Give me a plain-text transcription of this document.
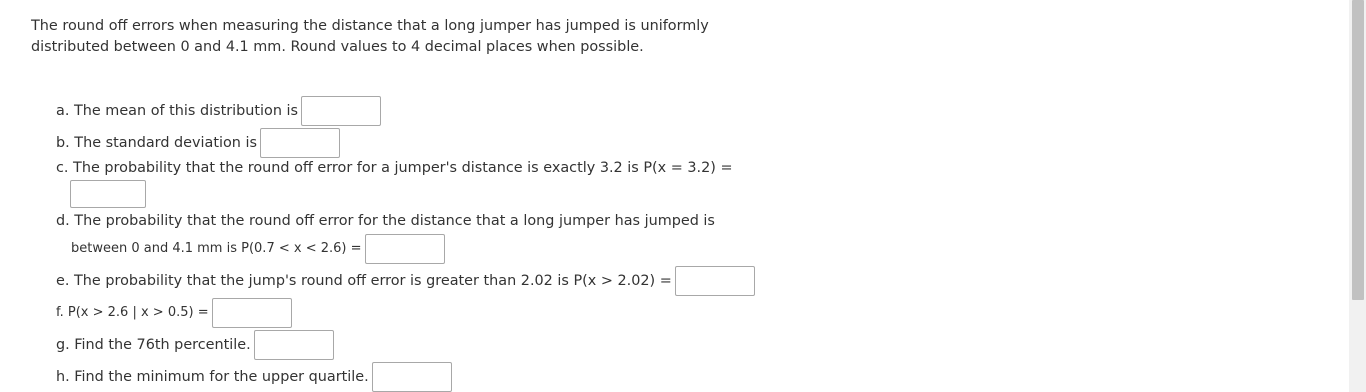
The round off errors when measuring the distance that a long jumper has jumped is uniformly

distributed between 0 and 4.1 mm. Round values to 4 decimal places when possible.

a. The mean of this distribution is
b. The standard deviation is
c. The probability that the round off error for a jumper's distance is exactly 3.2 is P(x = 3.2) =
d. The probability that the round off error for the distance that a long jumper has jumped is
between 0 and 4.1 mm is P(0.7 < x < 2.6) =
e. The probability that the jump's round off error is greater than 2.02 is P(x > 2.02) =
f. P(x > 2.6 | x > 0.5) =
g. Find the 76th percentile.
h. Find the minimum for the upper quartile.
